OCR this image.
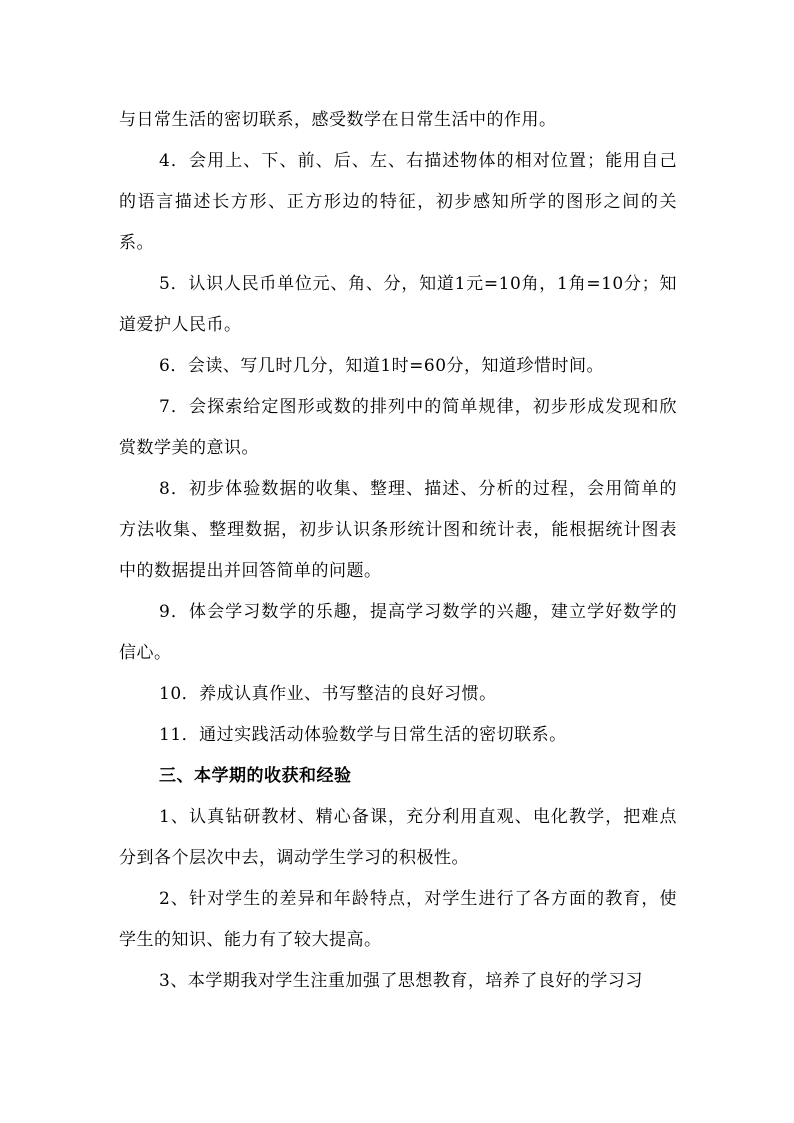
与日常生活的密切联系，感受数学在日常生活中的作用。

4．会用上、下、前、后、左、右描述物体的相对位置；能用自己的语言描述长方形、正方形边的特征，初步感知所学的图形之间的关系。

5．认识人民币单位元、角、分，知道1元=10角，1角=10分；知道爱护人民币。

6．会读、写几时几分，知道1时=60分，知道珍惜时间。

7．会探索给定图形或数的排列中的简单规律，初步形成发现和欣赏数学美的意识。

8．初步体验数据的收集、整理、描述、分析的过程，会用简单的方法收集、整理数据，初步认识条形统计图和统计表，能根据统计图表中的数据提出并回答简单的问题。

9．体会学习数学的乐趣，提高学习数学的兴趣，建立学好数学的信心。

10．养成认真作业、书写整洁的良好习惯。

11．通过实践活动体验数学与日常生活的密切联系。

三、本学期的收获和经验

1、认真钻研教材、精心备课，充分利用直观、电化教学，把难点分到各个层次中去，调动学生学习的积极性。

2、针对学生的差异和年龄特点，对学生进行了各方面的教育，使学生的知识、能力有了较大提高。

3、本学期我对学生注重加强了思想教育，培养了良好的学习习
